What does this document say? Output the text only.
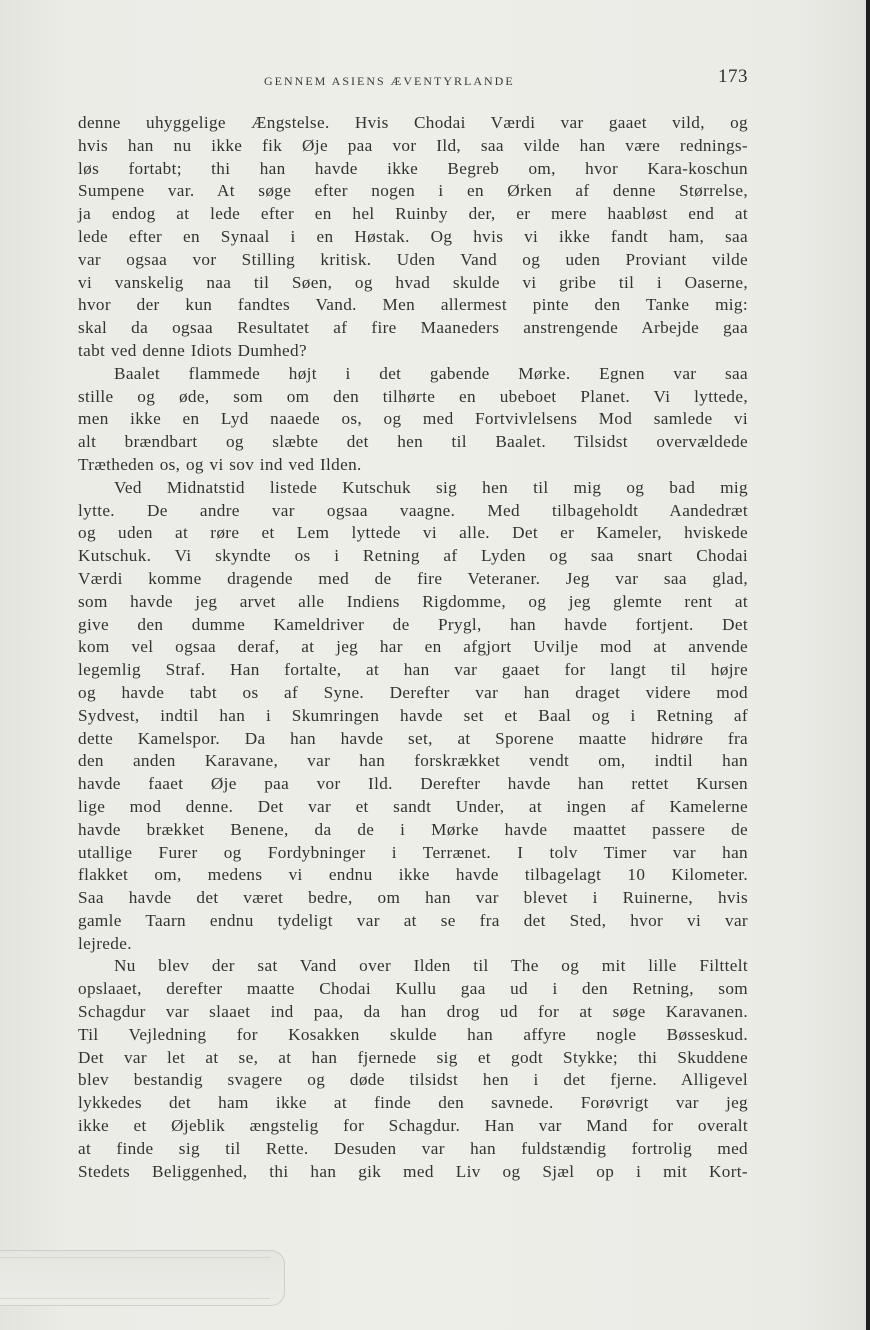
GENNEM ASIENS ÆVENTYRLANDE	173
denne uhyggelige Ængstelse. Hvis Chodai Værdi var gaaet vild, og
hvis han nu ikke fik Øje paa vor Ild, saa vilde han være rednings-
løs fortabt; thi han havde ikke Begreb om, hvor Kara-koschun
Sumpene var. At søge efter nogen i en Ørken af denne Størrelse,
ja endog at lede efter en hel Ruinby der, er mere haabløst end at
lede efter en Synaal i en Høstak. Og hvis vi ikke fandt ham, saa
var ogsaa vor Stilling kritisk. Uden Vand og uden Proviant vilde
vi vanskelig naa til Søen, og hvad skulde vi gribe til i Oaserne,
hvor der kun fandtes Vand. Men allermest pinte den Tanke mig:
skal da ogsaa Resultatet af fire Maaneders anstrengende Arbejde gaa
tabt ved denne Idiots Dumhed?
Baalet flammede højt i det gabende Mørke. Egnen var saa
stille og øde, som om den tilhørte en ubeboet Planet. Vi lyttede,
men ikke en Lyd naaede os, og med Fortvivlelsens Mod samlede vi
alt brændbart og slæbte det hen til Baalet. Tilsidst overvældede
Trætheden os, og vi sov ind ved Ilden.
Ved Midnatstid listede Kutschuk sig hen til mig og bad mig
lytte. De andre var ogsaa vaagne. Med tilbageholdt Aandedræt
og uden at røre et Lem lyttede vi alle. Det er Kameler, hviskede
Kutschuk. Vi skyndte os i Retning af Lyden og saa snart Chodai
Værdi komme dragende med de fire Veteraner. Jeg var saa glad,
som havde jeg arvet alle Indiens Rigdomme, og jeg glemte rent at
give den dumme Kameldriver de Prygl, han havde fortjent. Det
kom vel ogsaa deraf, at jeg har en afgjort Uvilje mod at anvende
legemlig Straf. Han fortalte, at han var gaaet for langt til højre
og havde tabt os af Syne. Derefter var han draget videre mod
Sydvest, indtil han i Skumringen havde set et Baal og i Retning af
dette Kamelspor. Da han havde set, at Sporene maatte hidrøre fra
den anden Karavane, var han forskrækket vendt om, indtil han
havde faaet Øje paa vor Ild. Derefter havde han rettet Kursen
lige mod denne. Det var et sandt Under, at ingen af Kamelerne
havde brækket Benene, da de i Mørke havde maattet passere de
utallige Furer og Fordybninger i Terrænet. I tolv Timer var han
flakket om, medens vi endnu ikke havde tilbagelagt 10 Kilometer.
Saa havde det været bedre, om han var blevet i Ruinerne, hvis
gamle Taarn endnu tydeligt var at se fra det Sted, hvor vi var
lejrede.
Nu blev der sat Vand over Ilden til The og mit lille Filttelt
opslaaet, derefter maatte Chodai Kullu gaa ud i den Retning, som
Schagdur var slaaet ind paa, da han drog ud for at søge Karavanen.
Til Vejledning for Kosakken skulde han affyre nogle Bøsseskud.
Det var let at se, at han fjernede sig et godt Stykke; thi Skuddene
blev bestandig svagere og døde tilsidst hen i det fjerne. Alligevel
lykkedes det ham ikke at finde den savnede. Forøvrigt var jeg
ikke et Øjeblik ængstelig for Schagdur. Han var Mand for overalt
at finde sig til Rette. Desuden var han fuldstændig fortrolig med
Stedets Beliggenhed, thi han gik med Liv og Sjæl op i mit Kort-
